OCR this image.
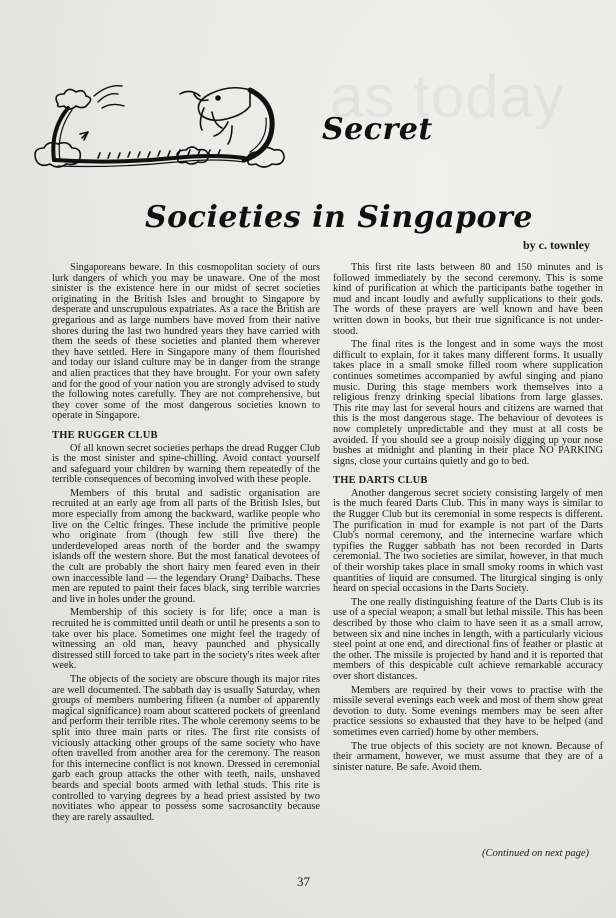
Secret
Societies in Singapore
by c. townley

Singaporeans beware. In this cosmopolitan society of ours lurk dangers of which you may be unaware. One of the most sinister is the existence here in our midst of secret societies originating in the British Isles and brought to Singapore by desperate and unscrupulous expatriates. As a race the British are gregarious and as large numbers have moved from their native shores during the last two hundred years they have carried with them the seeds of these societies and planted them wherever they have settled. Here in Singapore many of them flourished and today our island culture may be in danger from the strange and alien practices that they have brought. For your own safety and for the good of your nation you are strongly advised to study the following notes carefully. They are not comprehensive, but they cover some of the most dangerous societies known to operate in Singapore.

THE RUGGER CLUB

Of all known secret societies perhaps the dread Rugger Club is the most sinister and spine-chilling. Avoid contact yourself and safeguard your children by warning them repeatedly of the terrible consequences of becoming involved with these people.

Members of this brutal and sadistic organisation are recruited at an early age from all parts of the British Isles, but more especially from among the backward, warlike people who live on the Celtic fringes. These include the primitive people who originate from (though few still live there) the underdeveloped areas north of the border and the swampy islands off the western shore. But the most fanatical devotees of the cult are probably the short hairy men feared even in their own inaccessible land — the legendary Orang² Daibachs. These men are reputed to paint their faces black, sing terrible warcries and live in holes under the ground.

Membership of this society is for life; once a man is recruited he is committed until death or until he presents a son to take over his place. Sometimes one might feel the tragedy of witnessing an old man, heavy paunched and physically distressed still forced to take part in the society's rites week after week.

The objects of the society are obscure though its major rites are well documented. The sabbath day is usually Saturday, when groups of members numbering fifteen (a number of apparently magical significance) roam about scattered pockets of greenland and perform their terrible rites. The whole ceremony seems to be split into three main parts or rites. The first rite consists of viciously attacking other groups of the same society who have often travelled from another area for the ceremony. The reason for this internecine conflict is not known. Dressed in ceremonial garb each group attacks the other with teeth, nails, unshaved beards and special boots armed with lethal studs. This rite is controlled to varying degrees by a head priest assisted by two novitiates who appear to possess some sacrosanctity because they are rarely assaulted.

This first rite lasts between 80 and 150 minutes and is followed immediately by the second ceremony. This is some kind of purification at which the participants bathe together in mud and incant loudly and awfully supplications to their gods. The words of these prayers are well known and have been written down in books, but their true significance is not understood.

The final rites is the longest and in some ways the most difficult to explain, for it takes many different forms. It usually takes place in a small smoke filled room where supplication continues sometimes accompanied by awful singing and piano music. During this stage members work themselves into a religious frenzy drinking special libations from large glasses. This rite may last for several hours and citizens are warned that this is the most dangerous stage. The behaviour of devotees is now completely unpredictable and they must at all costs be avoided. If you should see a group noisily digging up your nose bushes at midnight and planting in their place NO PARKING signs, close your curtains quietly and go to bed.

THE DARTS CLUB

Another dangerous secret society consisting largely of men is the much feared Darts Club. This in many ways is similar to the Rugger Club but its ceremonial in some respects is different. The purification in mud for example is not part of the Darts Club's normal ceremony, and the internecine warfare which typifies the Rugger sabbath has not been recorded in Darts ceremonial. The two societies are similar, however, in that much of their worship takes place in small smoky rooms in which vast quantities of liquid are consumed. The liturgical singing is only heard on special occasions in the Darts Society.

The one really distinguishing feature of the Darts Club is its use of a special weapon; a small but lethal missile. This has been described by those who claim to have seen it as a small arrow, between six and nine inches in length, with a particularly vicious steel point at one end, and directional fins of feather or plastic at the other. The missile is projected by hand and it is reported that members of this despicable cult achieve remarkable accuracy over short distances.

Members are required by their vows to practise with the missile several evenings each week and most of them show great devotion to duty. Some evenings members may be seen after practice sessions so exhausted that they have to be helped (and sometimes even carried) home by other members.

The true objects of this society are not known. Because of their armament, however, we must assume that they are of a sinister nature. Be safe. Avoid them.

(Continued on next page)
37
